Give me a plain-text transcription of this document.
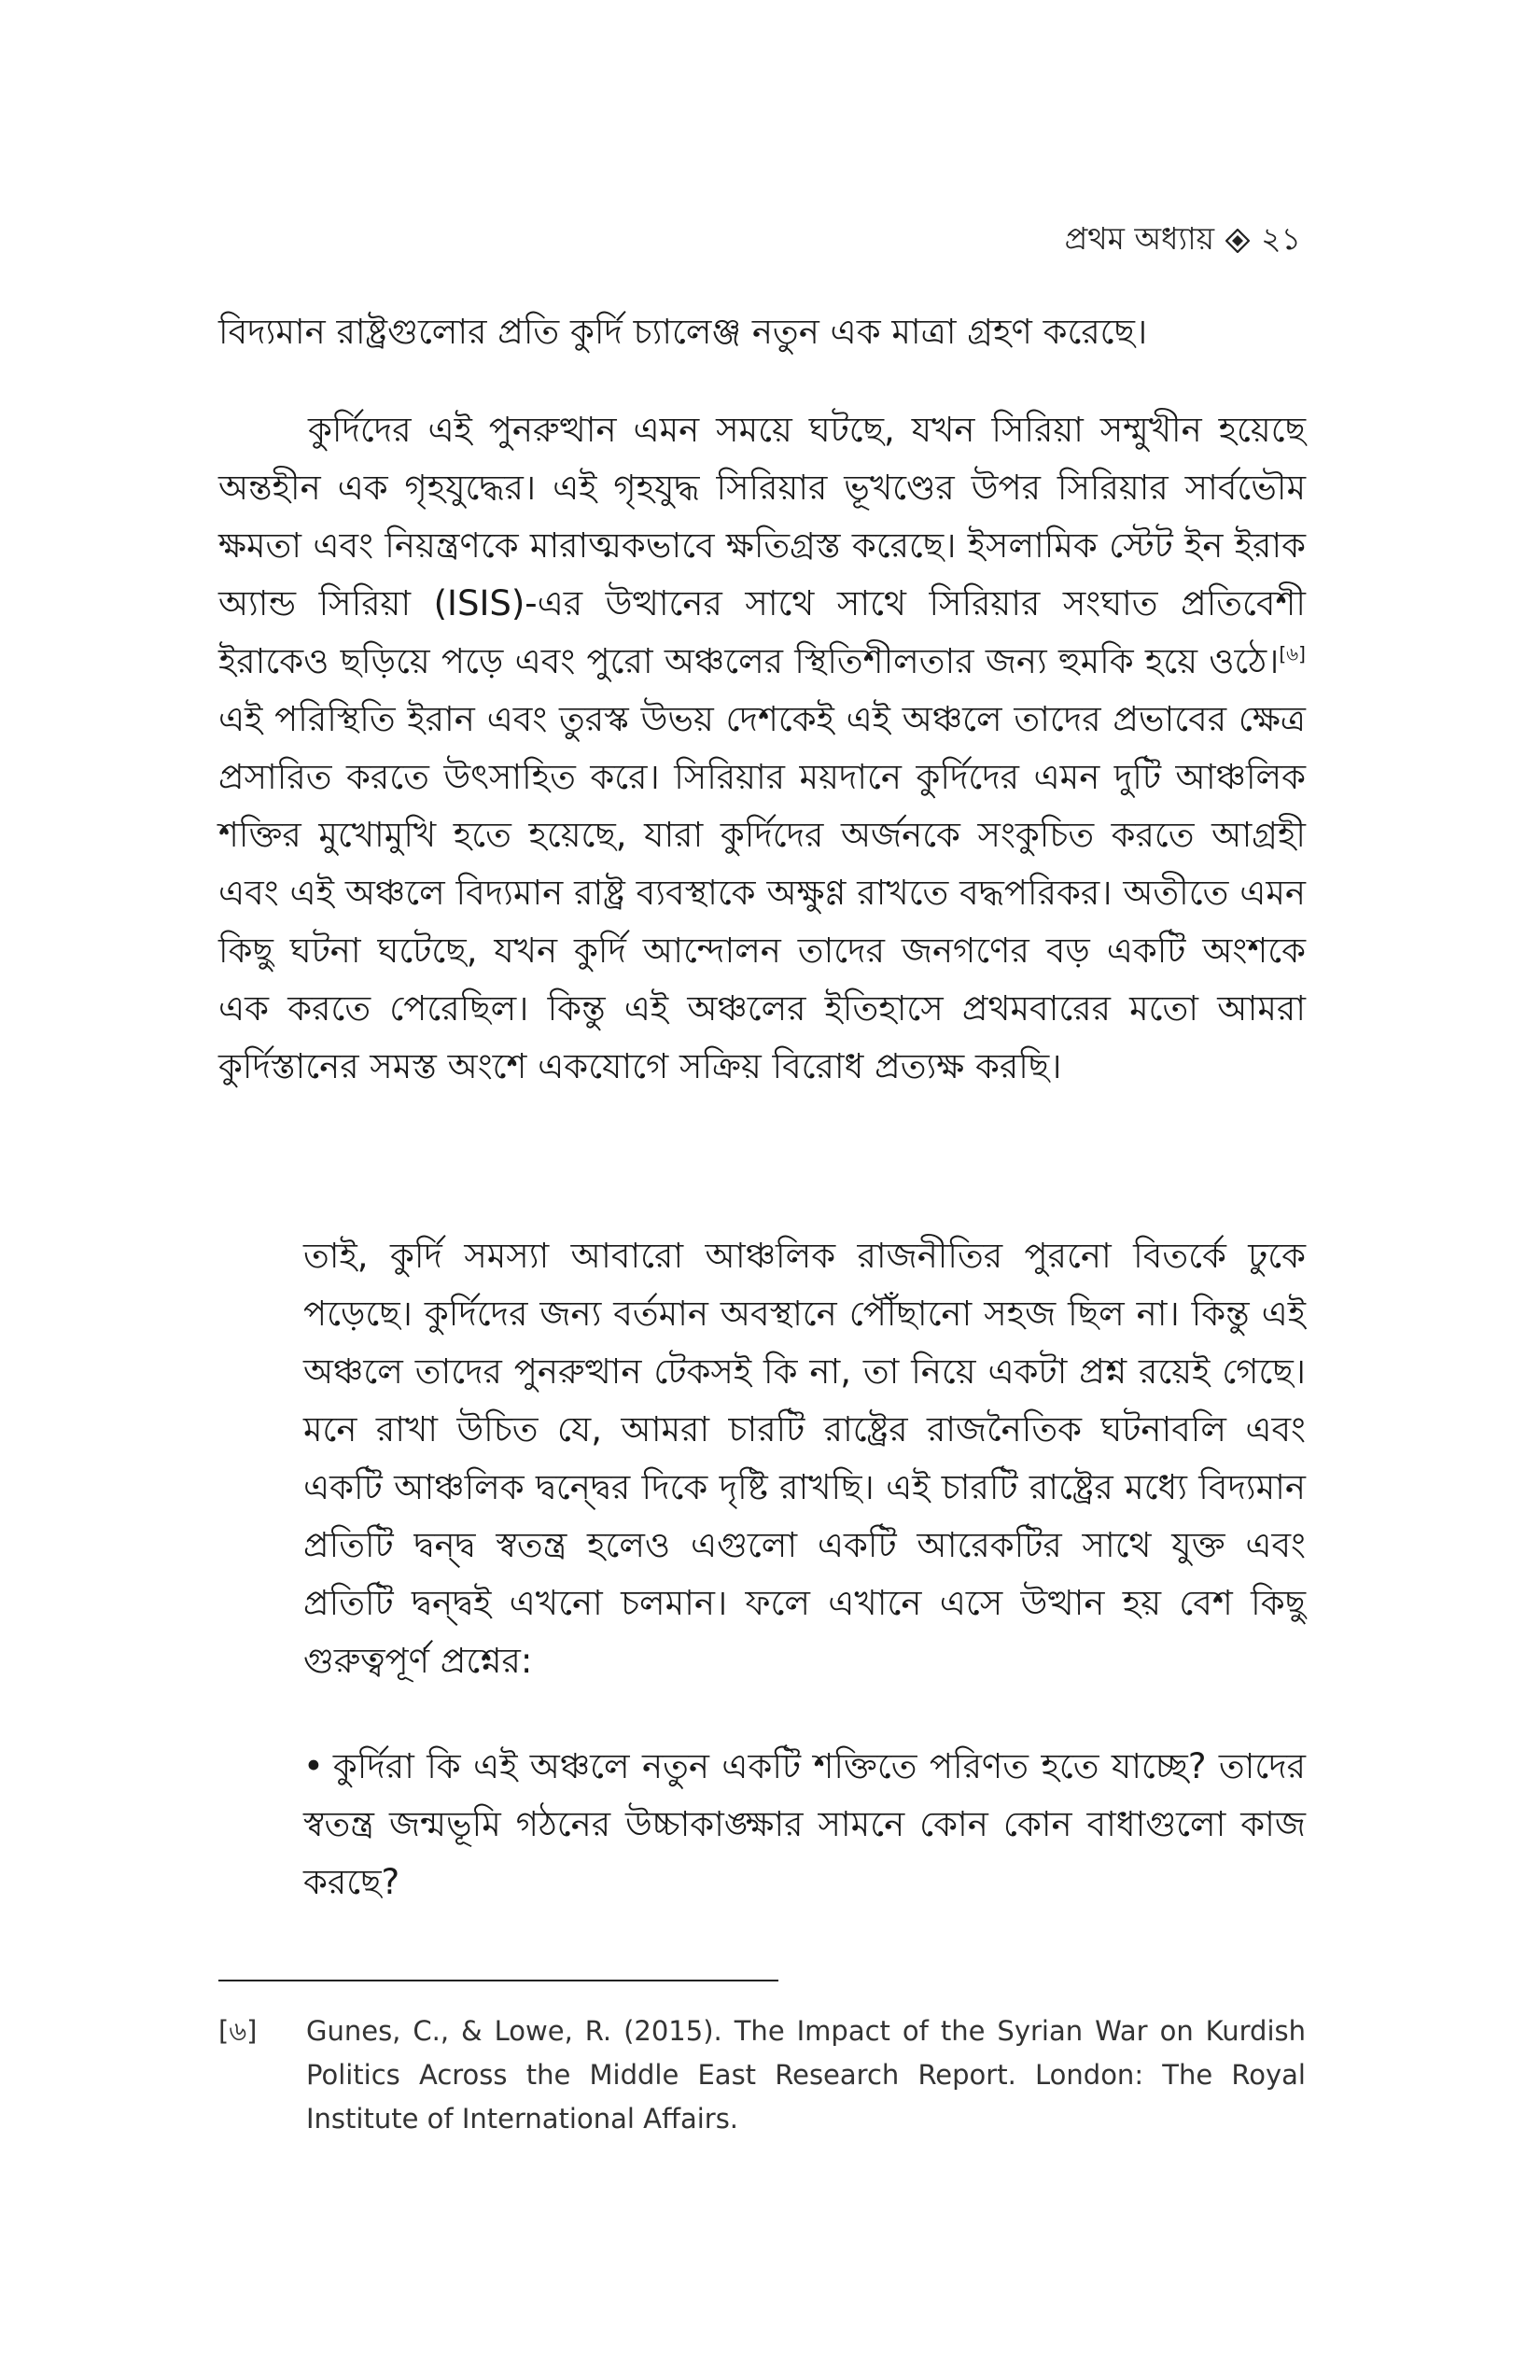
প্রথম অধ্যায় ২১
বিদ্যমান রাষ্ট্রগুলোর প্রতি কুর্দি চ্যালেঞ্জ নতুন এক মাত্রা গ্রহণ করেছে।
কুর্দিদের এই পুনরুত্থান এমন সময়ে ঘটছে, যখন সিরিয়া সম্মুখীন হয়েছে অন্তহীন এক গৃহযুদ্ধের। এই গৃহযুদ্ধ সিরিয়ার ভূখণ্ডের উপর সিরিয়ার সার্বভৌম ক্ষমতা এবং নিয়ন্ত্রণকে মারাত্মকভাবে ক্ষতিগ্রস্ত করেছে। ইসলামিক স্টেট ইন ইরাক অ্যান্ড সিরিয়া (ISIS)-এর উত্থানের সাথে সাথে সিরিয়ার সংঘাত প্রতিবেশী ইরাকেও ছড়িয়ে পড়ে এবং পুরো অঞ্চলের স্থিতিশীলতার জন্য হুমকি হয়ে ওঠে।[৬] এই পরিস্থিতি ইরান এবং তুরস্ক উভয় দেশকেই এই অঞ্চলে তাদের প্রভাবের ক্ষেত্র প্রসারিত করতে উৎসাহিত করে। সিরিয়ার ময়দানে কুর্দিদের এমন দুটি আঞ্চলিক শক্তির মুখোমুখি হতে হয়েছে, যারা কুর্দিদের অর্জনকে সংকুচিত করতে আগ্রহী এবং এই অঞ্চলে বিদ্যমান রাষ্ট্র ব্যবস্থাকে অক্ষুণ্ণ রাখতে বদ্ধপরিকর। অতীতে এমন কিছু ঘটনা ঘটেছে, যখন কুর্দি আন্দোলন তাদের জনগণের বড় একটি অংশকে এক করতে পেরেছিল। কিন্তু এই অঞ্চলের ইতিহাসে প্রথমবারের মতো আমরা কুর্দিস্তানের সমস্ত অংশে একযোগে সক্রিয় বিরোধ প্রত্যক্ষ করছি।
তাই, কুর্দি সমস্যা আবারো আঞ্চলিক রাজনীতির পুরনো বিতর্কে ঢুকে পড়েছে। কুর্দিদের জন্য বর্তমান অবস্থানে পৌঁছানো সহজ ছিল না। কিন্তু এই অঞ্চলে তাদের পুনরুত্থান টেকসই কি না, তা নিয়ে একটা প্রশ্ন রয়েই গেছে। মনে রাখা উচিত যে, আমরা চারটি রাষ্ট্রের রাজনৈতিক ঘটনাবলি এবং একটি আঞ্চলিক দ্বন্দ্বের দিকে দৃষ্টি রাখছি। এই চারটি রাষ্ট্রের মধ্যে বিদ্যমান প্রতিটি দ্বন্দ্ব স্বতন্ত্র হলেও এগুলো একটি আরেকটির সাথে যুক্ত এবং প্রতিটি দ্বন্দ্বই এখনো চলমান। ফলে এখানে এসে উত্থান হয় বেশ কিছু গুরুত্বপূর্ণ প্রশ্নের:
• কুর্দিরা কি এই অঞ্চলে নতুন একটি শক্তিতে পরিণত হতে যাচ্ছে? তাদের স্বতন্ত্র জন্মভূমি গঠনের উচ্চাকাঙ্ক্ষার সামনে কোন কোন বাধাগুলো কাজ করছে?
[৬]	Gunes, C., & Lowe, R. (2015). The Impact of the Syrian War on Kurdish Politics Across the Middle East Research Report. London: The Royal Institute of International Affairs.
